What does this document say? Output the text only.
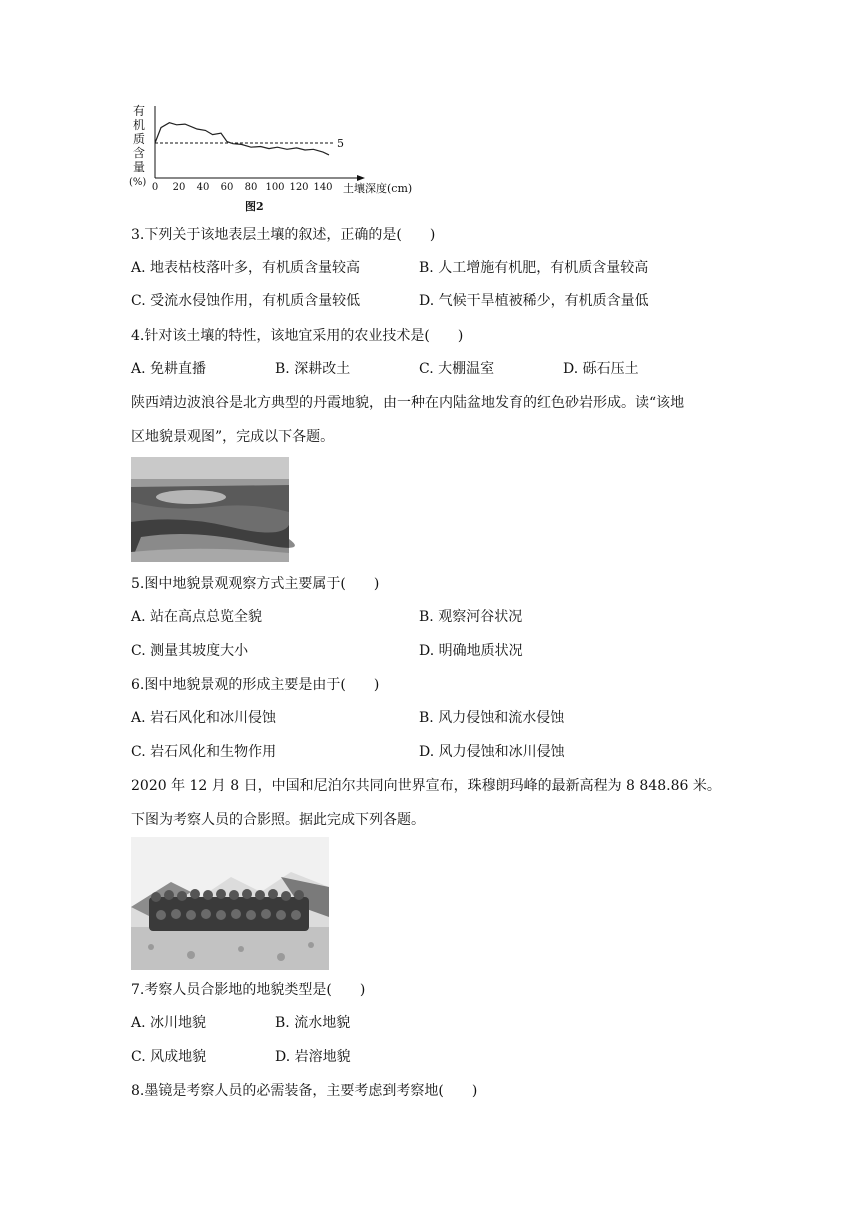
有
机
质
含
量
(%)
5
0 20 40 60 80 100 120 140 土壤深度(cm)
图2
3.下列关于该地表层土壤的叙述，正确的是(　　)
A. 地表枯枝落叶多，有机质含量较高	B. 人工增施有机肥，有机质含量较高
C. 受流水侵蚀作用，有机质含量较低	D. 气候干旱植被稀少，有机质含量低
4.针对该土壤的特性，该地宜采用的农业技术是(　　)
A. 免耕直播	B. 深耕改土	C. 大棚温室	D. 砾石压土
陕西靖边波浪谷是北方典型的丹霞地貌，由一种在内陆盆地发育的红色砂岩形成。读“该地
区地貌景观图”，完成以下各题。
5.图中地貌景观观察方式主要属于(　　)
A. 站在高点总览全貌	B. 观察河谷状况
C. 测量其坡度大小	D. 明确地质状况
6.图中地貌景观的形成主要是由于(　　)
A. 岩石风化和冰川侵蚀	B. 风力侵蚀和流水侵蚀
C. 岩石风化和生物作用	D. 风力侵蚀和冰川侵蚀
2020 年 12 月 8 日，中国和尼泊尔共同向世界宣布，珠穆朗玛峰的最新高程为 8 848.86 米。
下图为考察人员的合影照。据此完成下列各题。
7.考察人员合影地的地貌类型是(　　)
A. 冰川地貌	B. 流水地貌
C. 风成地貌	D. 岩溶地貌
8.墨镜是考察人员的必需装备，主要考虑到考察地(　　)
